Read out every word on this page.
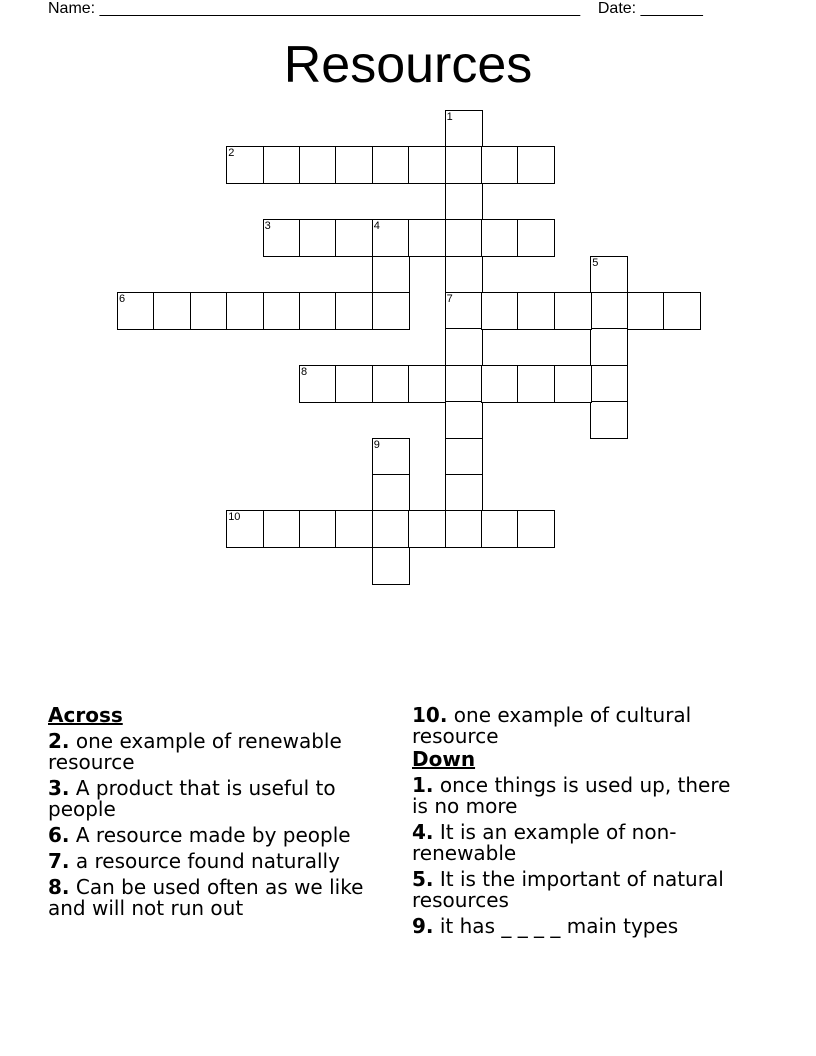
Name: ______________________________________________________ Date: _______
Resources
1
7
2
3	4
5
6
8
9
10
Across
2. one example of renewable resource
3. A product that is useful to people
6. A resource made by people
7. a resource found naturally
8. Can be used often as we like and will not run out
10. one example of cultural resource
Down
1. once things is used up, there is no more
4. It is an example of non-renewable
5. It is the important of natural resources
9. it has _ _ _ _ main types
